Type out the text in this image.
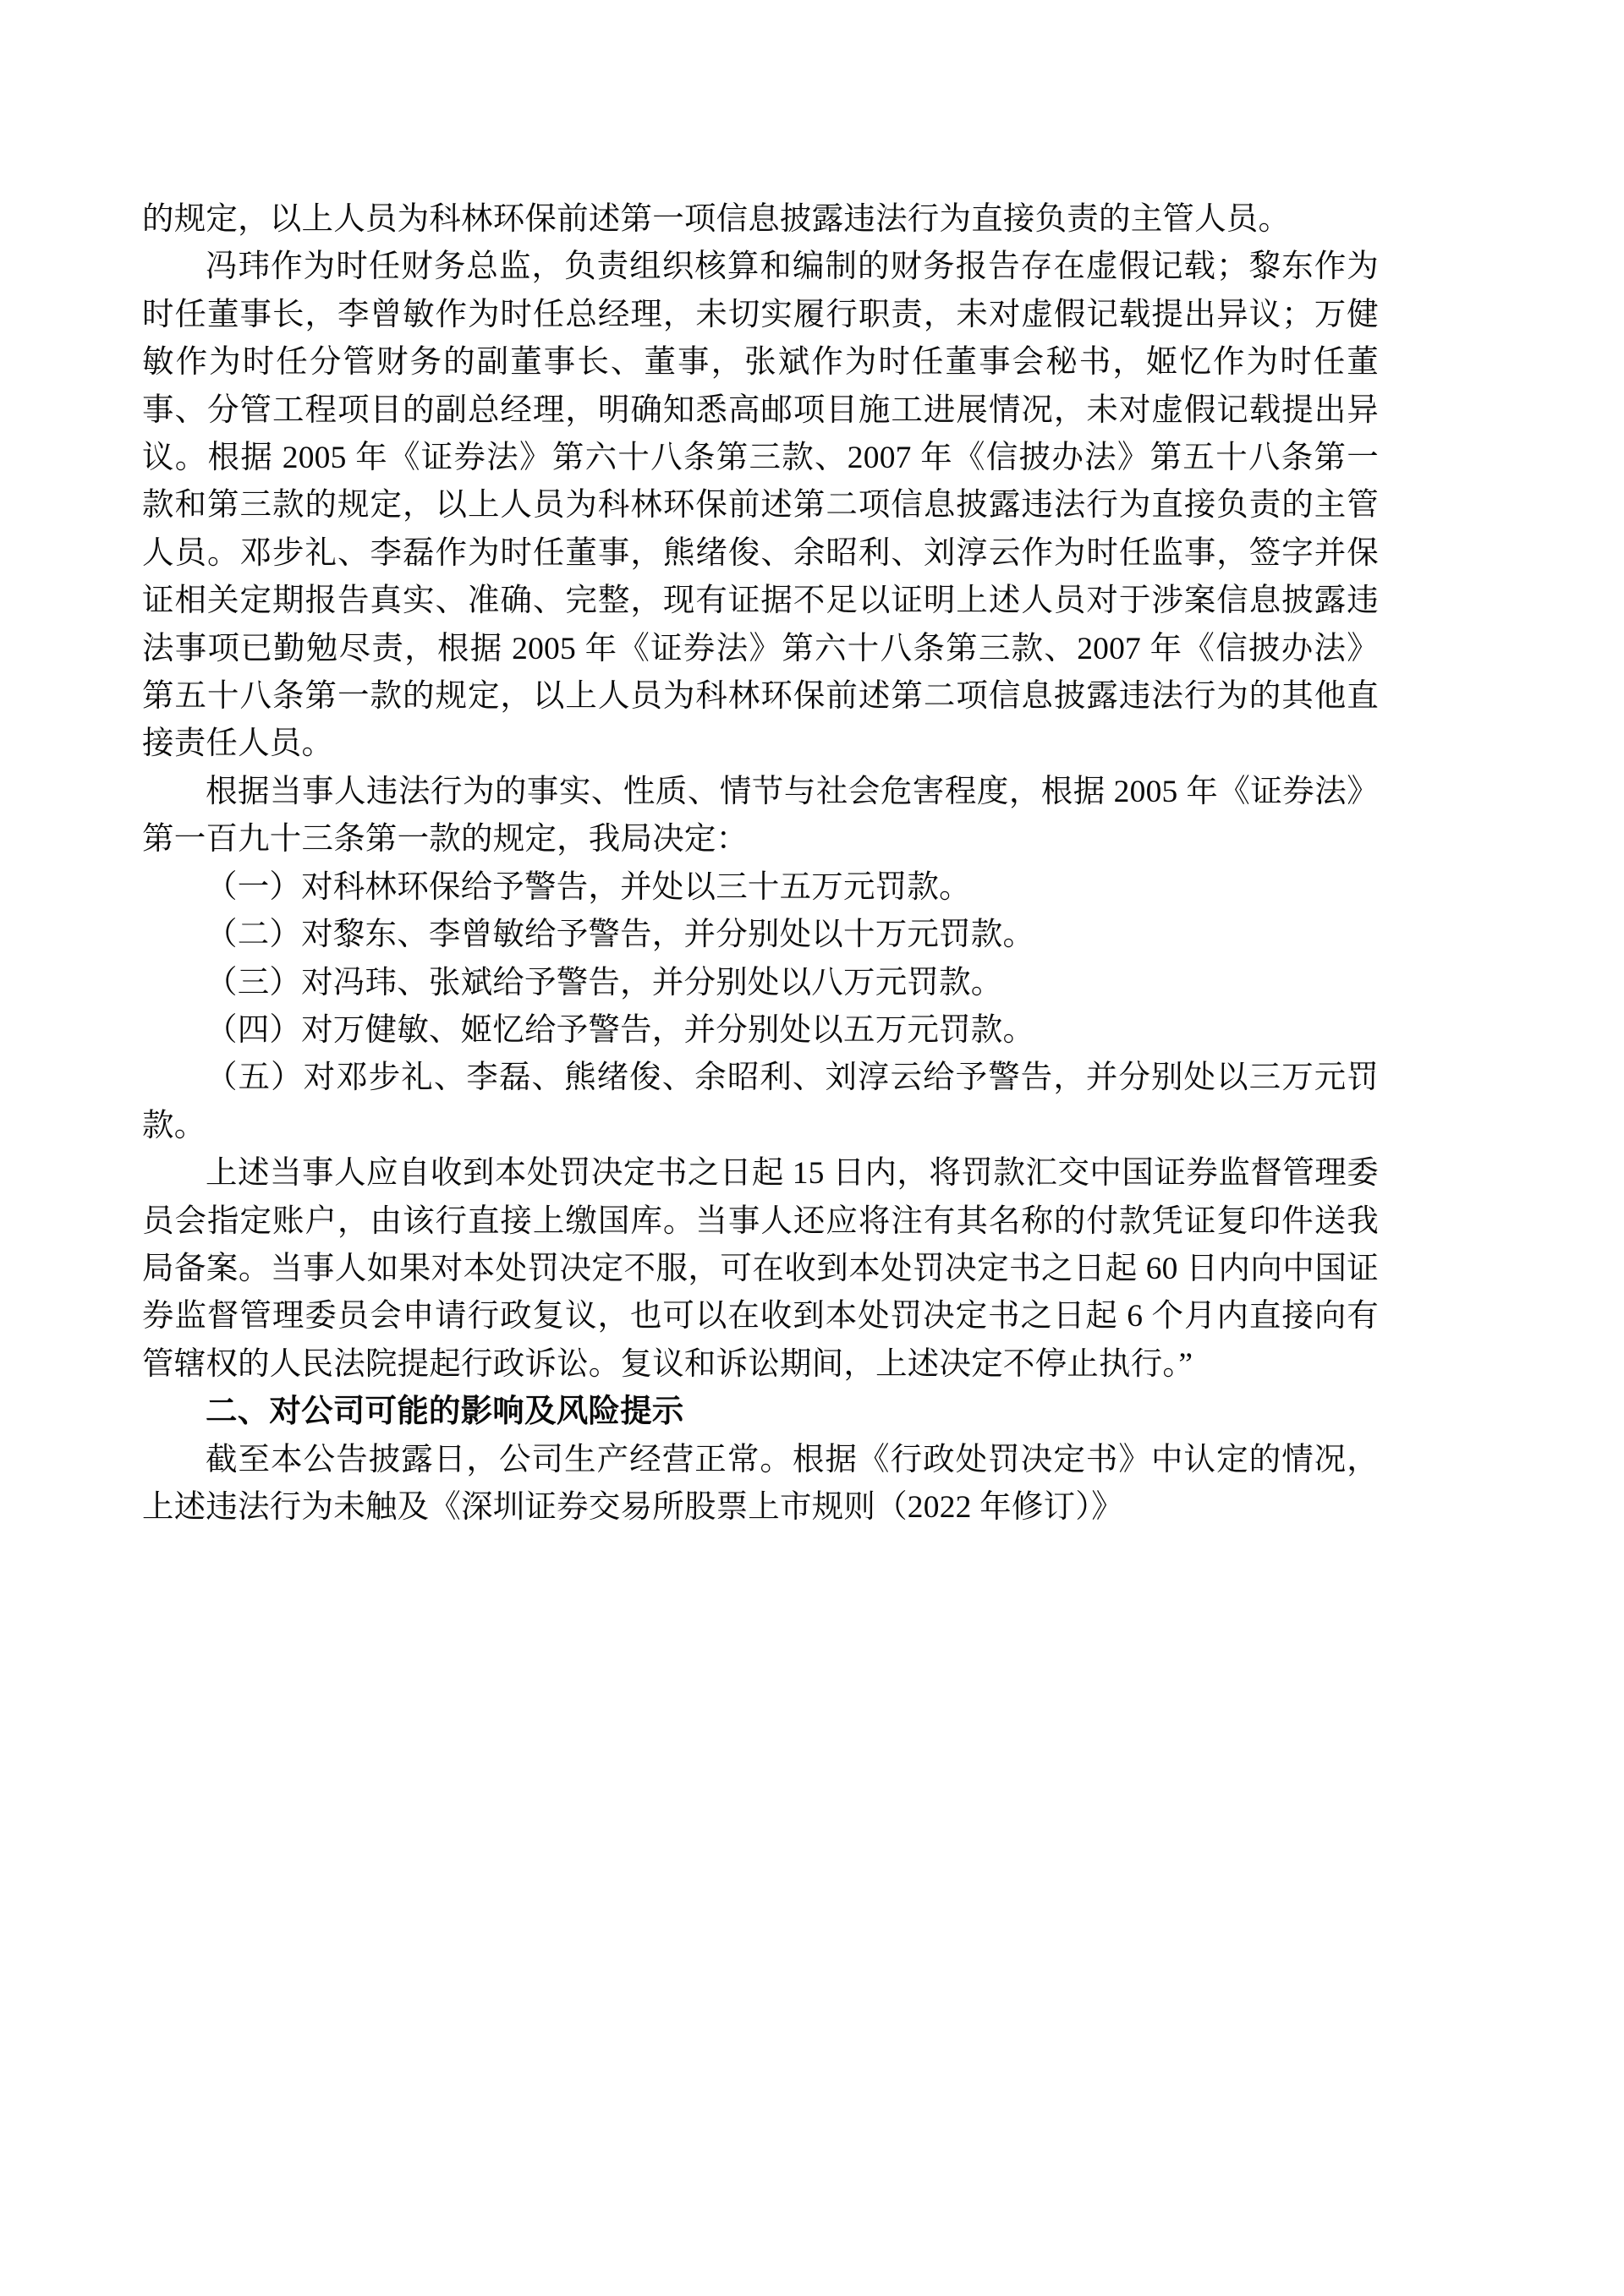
的规定，以上人员为科林环保前述第一项信息披露违法行为直接负责的主管人员。

冯玮作为时任财务总监，负责组织核算和编制的财务报告存在虚假记载；黎东作为时任董事长，李曾敏作为时任总经理，未切实履行职责，未对虚假记载提出异议；万健敏作为时任分管财务的副董事长、董事，张斌作为时任董事会秘书，姬忆作为时任董事、分管工程项目的副总经理，明确知悉高邮项目施工进展情况，未对虚假记载提出异议。根据 2005 年《证券法》第六十八条第三款、2007 年《信披办法》第五十八条第一款和第三款的规定，以上人员为科林环保前述第二项信息披露违法行为直接负责的主管人员。邓步礼、李磊作为时任董事，熊绪俊、余昭利、刘淳云作为时任监事，签字并保证相关定期报告真实、准确、完整，现有证据不足以证明上述人员对于涉案信息披露违法事项已勤勉尽责，根据 2005 年《证券法》第六十八条第三款、2007 年《信披办法》第五十八条第一款的规定，以上人员为科林环保前述第二项信息披露违法行为的其他直接责任人员。

根据当事人违法行为的事实、性质、情节与社会危害程度，根据 2005 年《证券法》第一百九十三条第一款的规定，我局决定：

（一）对科林环保给予警告，并处以三十五万元罚款。

（二）对黎东、李曾敏给予警告，并分别处以十万元罚款。

（三）对冯玮、张斌给予警告，并分别处以八万元罚款。

（四）对万健敏、姬忆给予警告，并分别处以五万元罚款。

（五）对邓步礼、李磊、熊绪俊、余昭利、刘淳云给予警告，并分别处以三万元罚款。

上述当事人应自收到本处罚决定书之日起 15 日内，将罚款汇交中国证券监督管理委员会指定账户，由该行直接上缴国库。当事人还应将注有其名称的付款凭证复印件送我局备案。当事人如果对本处罚决定不服，可在收到本处罚决定书之日起 60 日内向中国证券监督管理委员会申请行政复议，也可以在收到本处罚决定书之日起 6 个月内直接向有管辖权的人民法院提起行政诉讼。复议和诉讼期间，上述决定不停止执行。”

二、对公司可能的影响及风险提示

截至本公告披露日，公司生产经营正常。根据《行政处罚决定书》中认定的情况，上述违法行为未触及《深圳证券交易所股票上市规则（2022 年修订）》
